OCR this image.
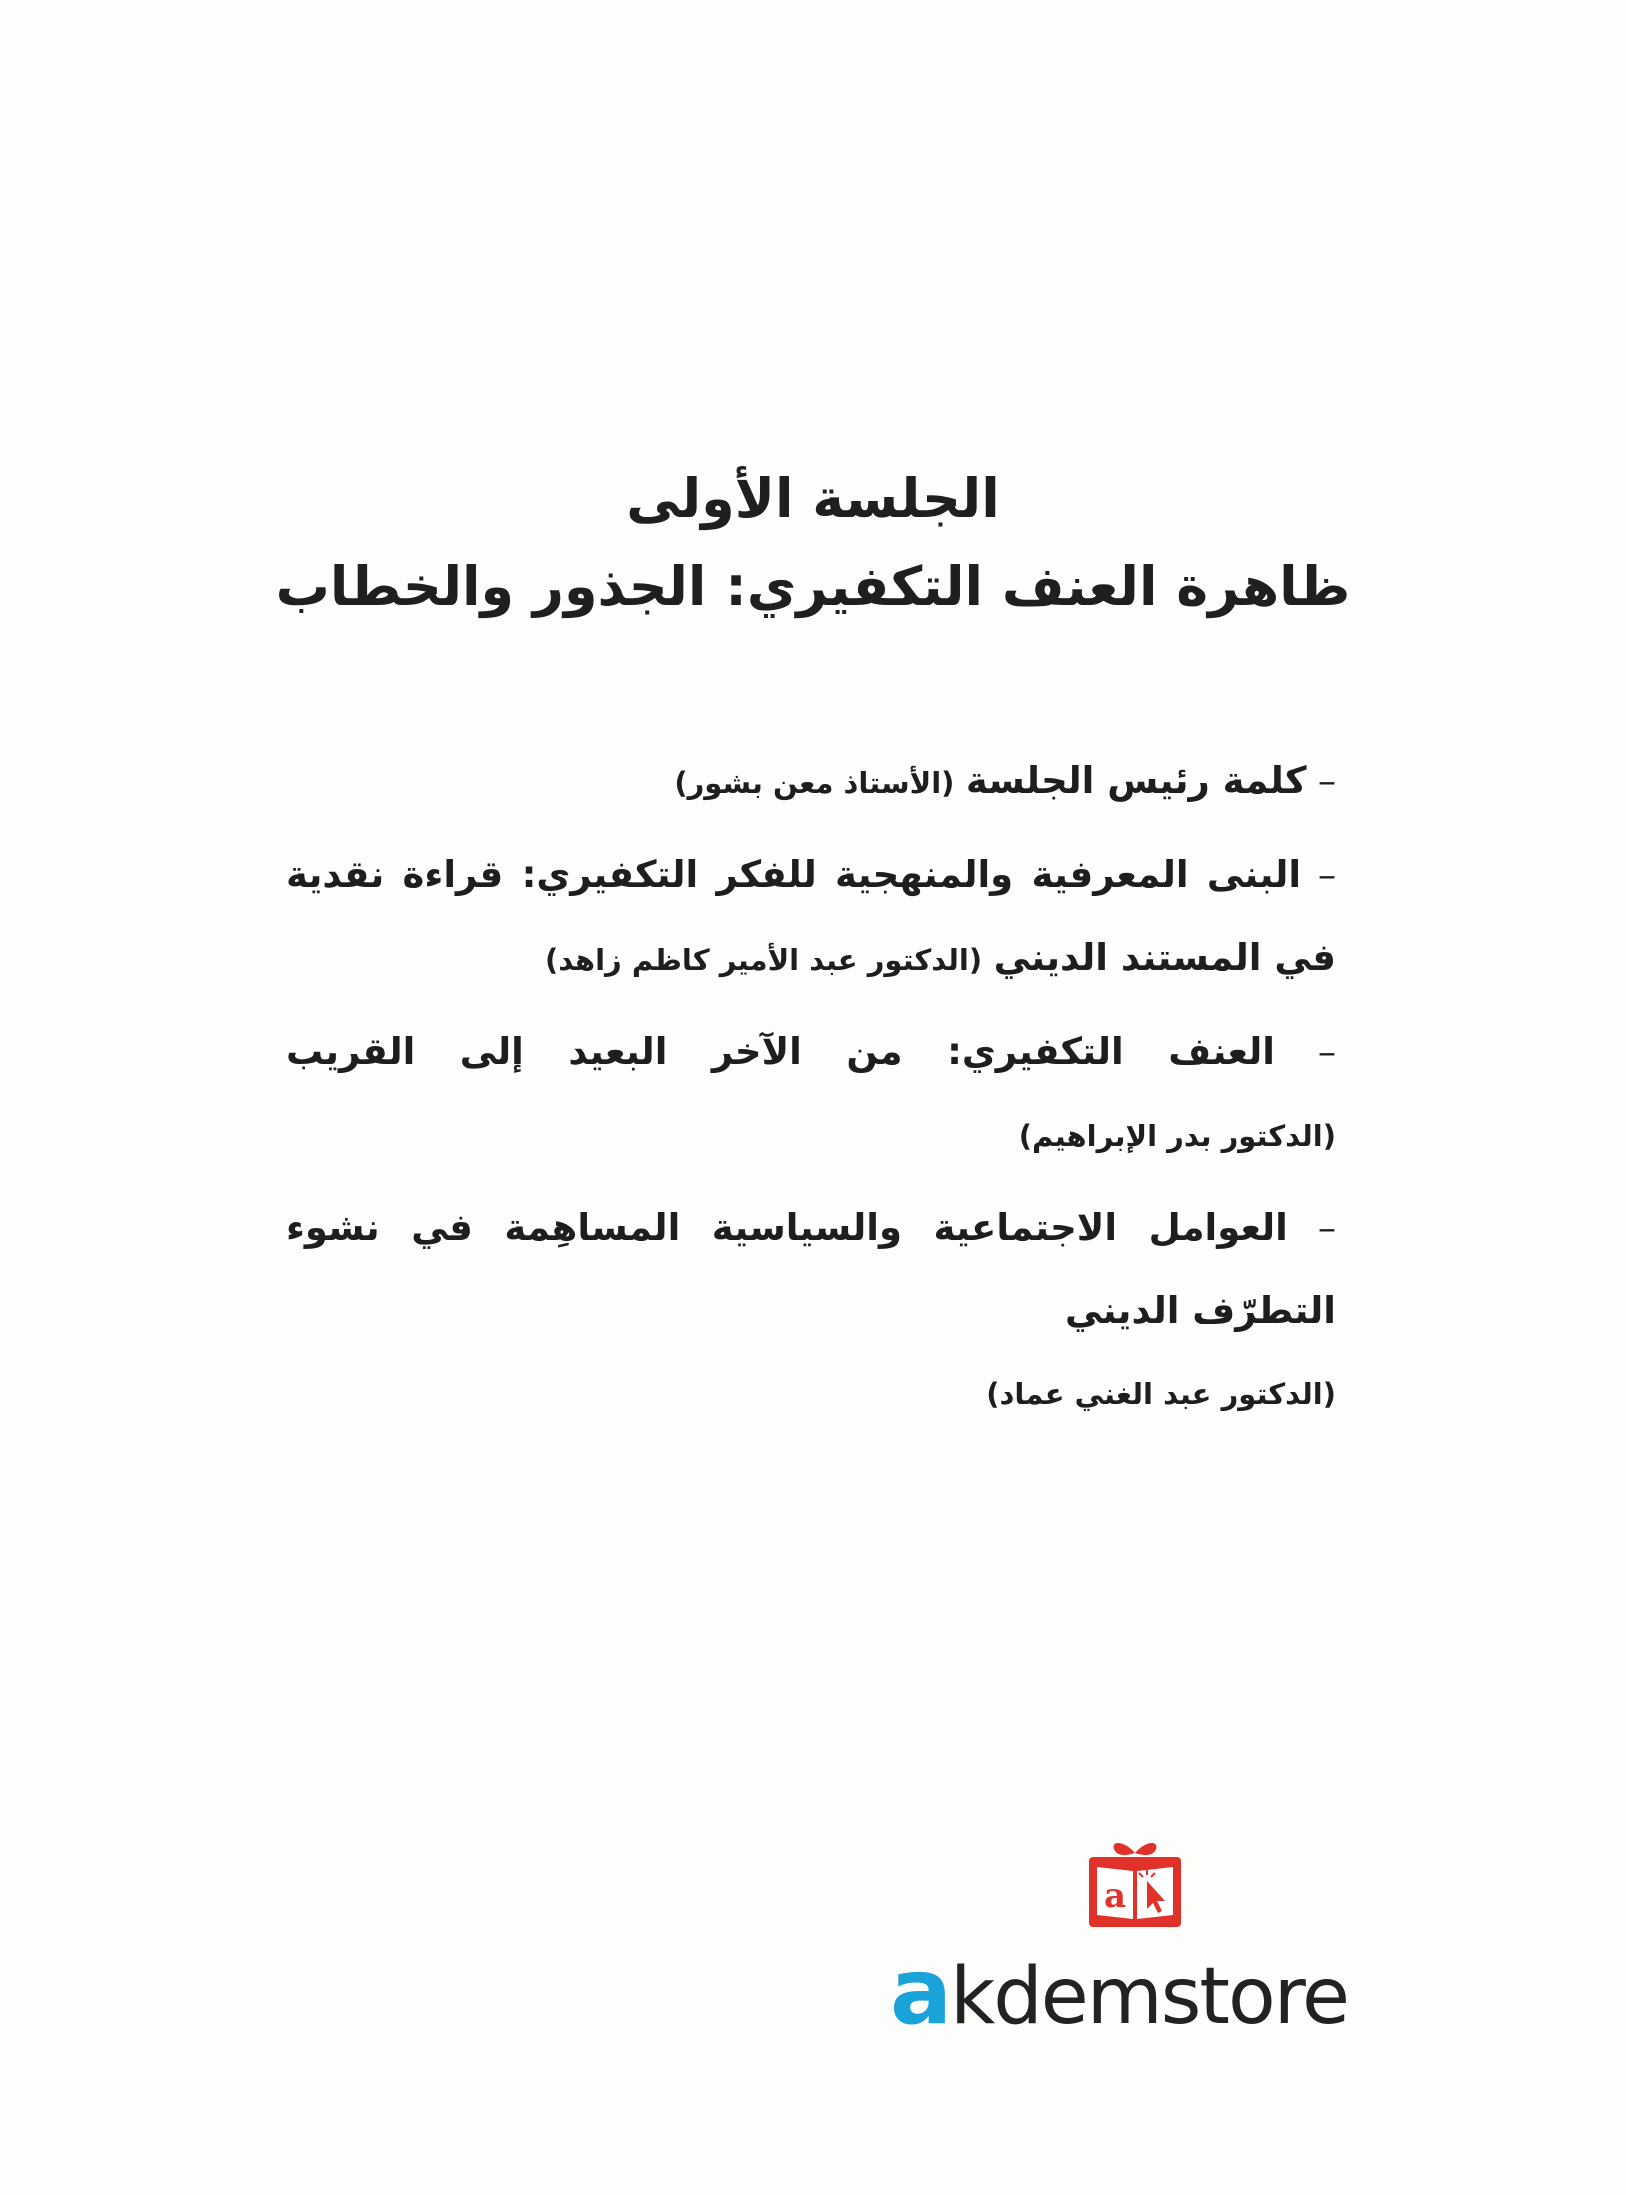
الجلسة الأولى

ظاهرة العنف التكفيري: الجذور والخطاب

– كلمة رئيس الجلسة (الأستاذ معن بشور)
– البنى المعرفية والمنهجية للفكر التكفيري: قراءة نقدية في المستند الديني (الدكتور عبد الأمير كاظم زاهد)
– العنف التكفيري: من الآخر البعيد إلى القريب (الدكتور بدر الإبراهيم)
– العوامل الاجتماعية والسياسية المساهِمة في نشوء التطرّف الديني
(الدكتور عبد الغني عماد)
a
akdemstore
